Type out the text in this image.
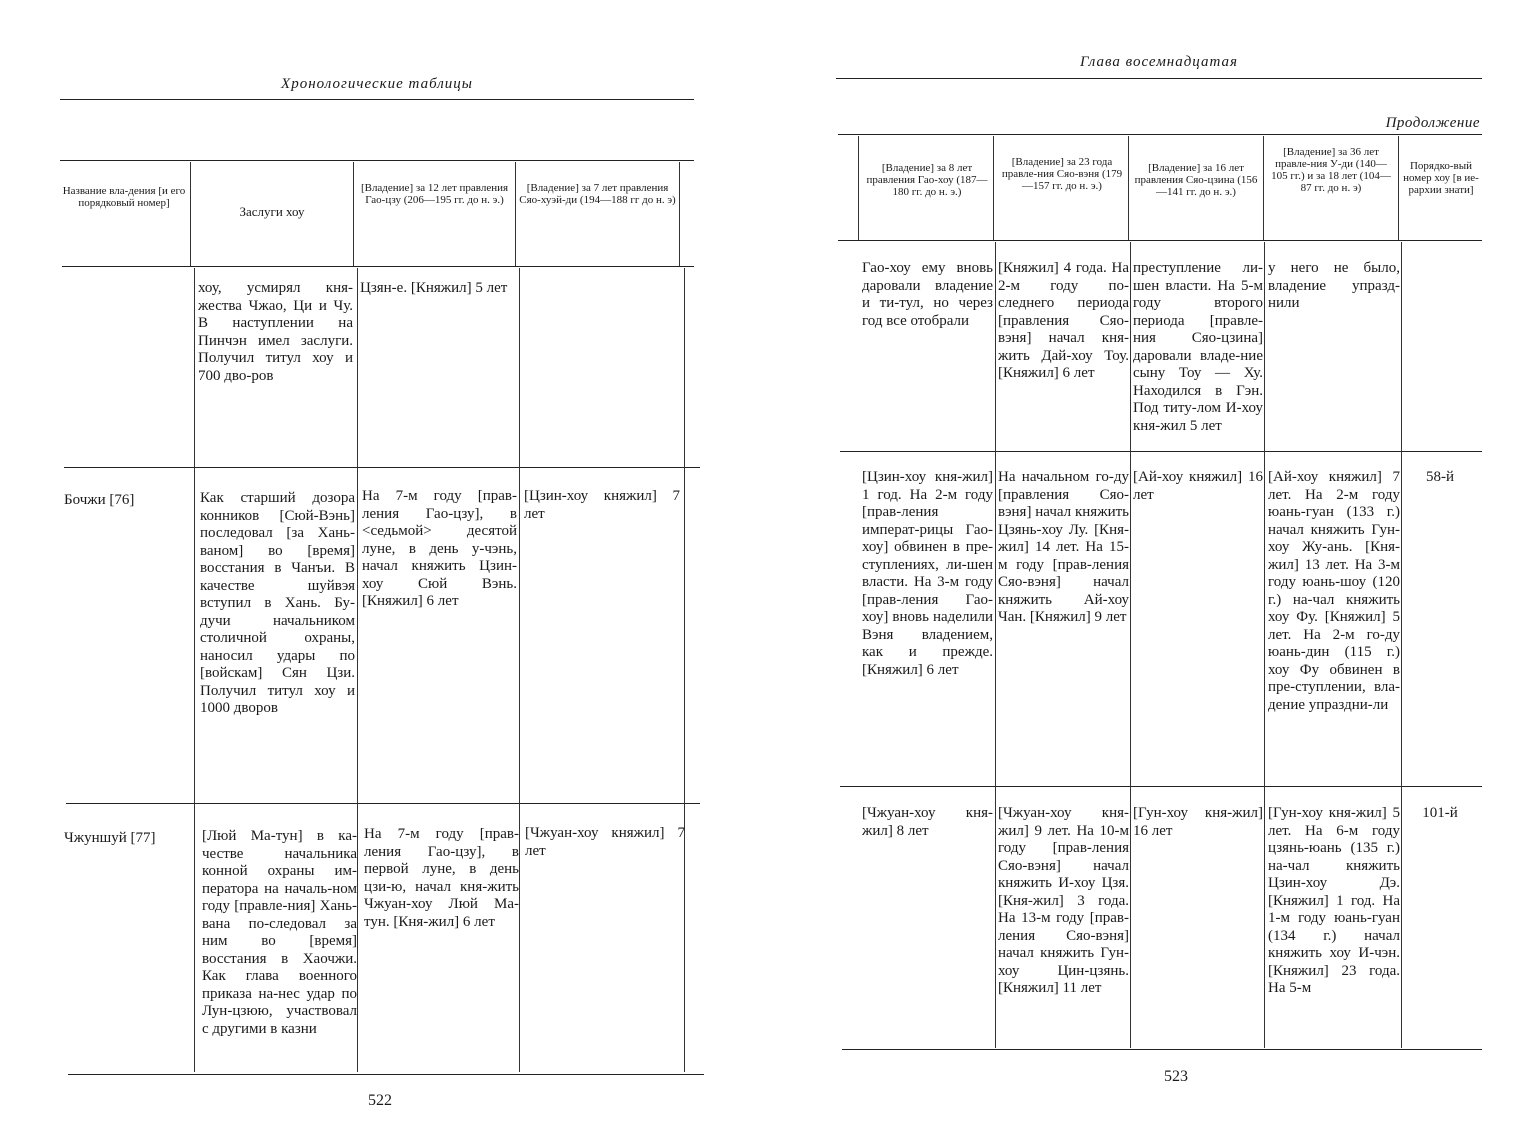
Хронологические таблицы
Название вла-дения [и его порядковый номер]
Заслуги хоу
[Владение] за 12 лет правления Гао-цзу (206—195 гг. до н. э.)
[Владение] за 7 лет правления Сяо-хуэй-ди (194—188 гг до н. э)
хоу, усмирял кня-жества Чжао, Ци и Чу. В наступлении на Пинчэн имел заслуги. Получил титул хоу и 700 дво-ров
Цзян-е. [Княжил] 5 лет
Бочжи [76]	Как старший дозора конников [Сюй-Вэнь] последовал [за Хань-ваном] во [время] восстания в Чанъи. В качестве шуйвэя вступил в Хань. Бу-дучи начальником столичной охраны, наносил удары по [войскам] Сян Цзи. Получил титул хоу и 1000 дворов
На 7-м году [прав-ления Гао-цзу], в <седьмой> десятой луне, в день у-чэнь, начал княжить Цзин-хоу Сюй Вэнь. [Княжил] 6 лет
[Цзин-хоу княжил] 7 лет
Чжуншуй [77]	[Люй Ма-тун] в ка-честве начальника конной охраны им-ператора на началь-ном году [правле-ния] Хань-вана по-следовал за ним во [время] восстания в Хаочжи. Как глава военного приказа на-нес удар по Лун-цзюю, участвовал с другими в казни
На 7-м году [прав-ления Гао-цзу], в первой луне, в день цзи-ю, начал кня-жить Чжуан-хоу Люй Ма-тун. [Кня-жил] 6 лет
[Чжуан-хоу княжил] 7 лет
522
Глава восемнадцатая
Продолжение
[Владение] за 8 лет правления Гао-хоу (187—180 гг. до н. э.)
[Владение] за 23 года правле-ния Сяо-вэня (179—157 гг. до н. э.)
[Владение] за 16 лет правления Сяо-цзина (156—141 гг. до н. э.)
[Владение] за 36 лет правле-ния У-ди (140—105 гг.) и за 18 лет (104—87 гг. до н. э)
Порядко-вый номер хоу [в ие-рархии знати]
Гао-хоу ему вновь даровали владение и ти-тул, но через год все отобрали
[Княжил] 4 года. На 2-м году по-следнего периода [правления Сяо-вэня] начал кня-жить Дай-хоу Тоу. [Княжил] 6 лет
преступление ли-шен власти. На 5-м году второго периода [правле-ния Сяо-цзина] даровали владе-ние сыну Тоу — Ху. Находился в Гэн. Под титу-лом И-хоу кня-жил 5 лет
у него не было, владение упразд-нили
[Цзин-хоу кня-жил] 1 год. На 2-м году [прав-ления императ-рицы Гао-хоу] обвинен в пре-ступлениях, ли-шен власти. На 3-м году [прав-ления Гао-хоу] вновь наделили Вэня владением, как и прежде. [Княжил] 6 лет
На начальном го-ду [правления Сяо-вэня] начал княжить Цзянь-хоу Лу. [Кня-жил] 14 лет. На 15-м году [прав-ления Сяо-вэня] начал княжить Ай-хоу Чан. [Княжил] 9 лет
[Ай-хоу княжил] 16 лет
[Ай-хоу княжил] 7 лет. На 2-м году юань-гуан (133 г.) начал княжить Гун-хоу Жу-ань. [Кня-жил] 13 лет. На 3-м году юань-шоу (120 г.) на-чал княжить хоу Фу. [Княжил] 5 лет. На 2-м го-ду юань-дин (115 г.) хоу Фу обвинен в пре-ступлении, вла-дение упраздни-ли
58-й
[Чжуан-хоу кня-жил] 8 лет
[Чжуан-хоу кня-жил] 9 лет. На 10-м году [прав-ления Сяо-вэня] начал княжить И-хоу Цзя. [Кня-жил] 3 года. На 13-м году [прав-ления Сяо-вэня] начал княжить Гун-хоу Цин-цзянь. [Княжил] 11 лет
[Гун-хоу кня-жил] 16 лет
[Гун-хоу кня-жил] 5 лет. На 6-м году цзянь-юань (135 г.) на-чал княжить Цзин-хоу Дэ. [Княжил] 1 год. На 1-м году юань-гуан (134 г.) начал княжить хоу И-чэн. [Княжил] 23 года. На 5-м
101-й
523
